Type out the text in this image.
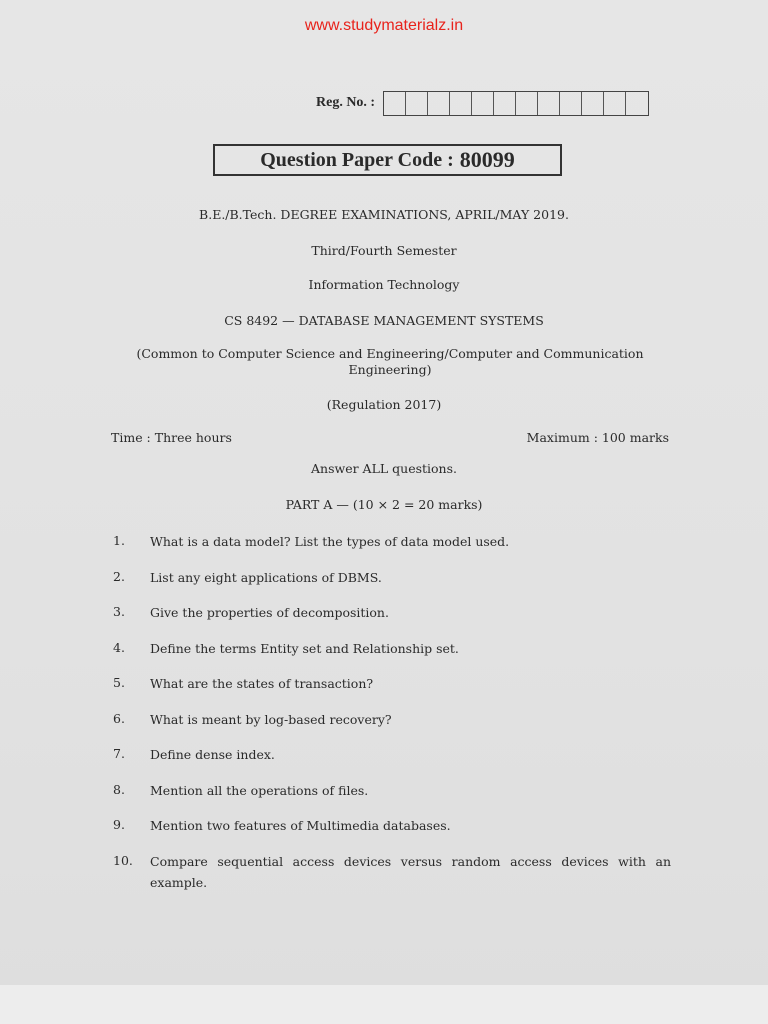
www.studymaterialz.in
Reg. No. :
Question Paper Code : 80099
B.E./B.Tech. DEGREE EXAMINATIONS, APRIL/MAY 2019.
Third/Fourth Semester
Information Technology
CS 8492 — DATABASE MANAGEMENT SYSTEMS
(Common to Computer Science and Engineering/Computer and Communication Engineering)
(Regulation 2017)
Time : Three hours	Maximum : 100 marks
Answer ALL questions.
PART A — (10 × 2 = 20 marks)
1.	What is a data model? List the types of data model used.
2.	List any eight applications of DBMS.
3.	Give the properties of decomposition.
4.	Define the terms Entity set and Relationship set.
5.	What are the states of transaction?
6.	What is meant by log-based recovery?
7.	Define dense index.
8.	Mention all the operations of files.
9.	Mention two features of Multimedia databases.
10.	Compare sequential access devices versus random access devices with an example.
